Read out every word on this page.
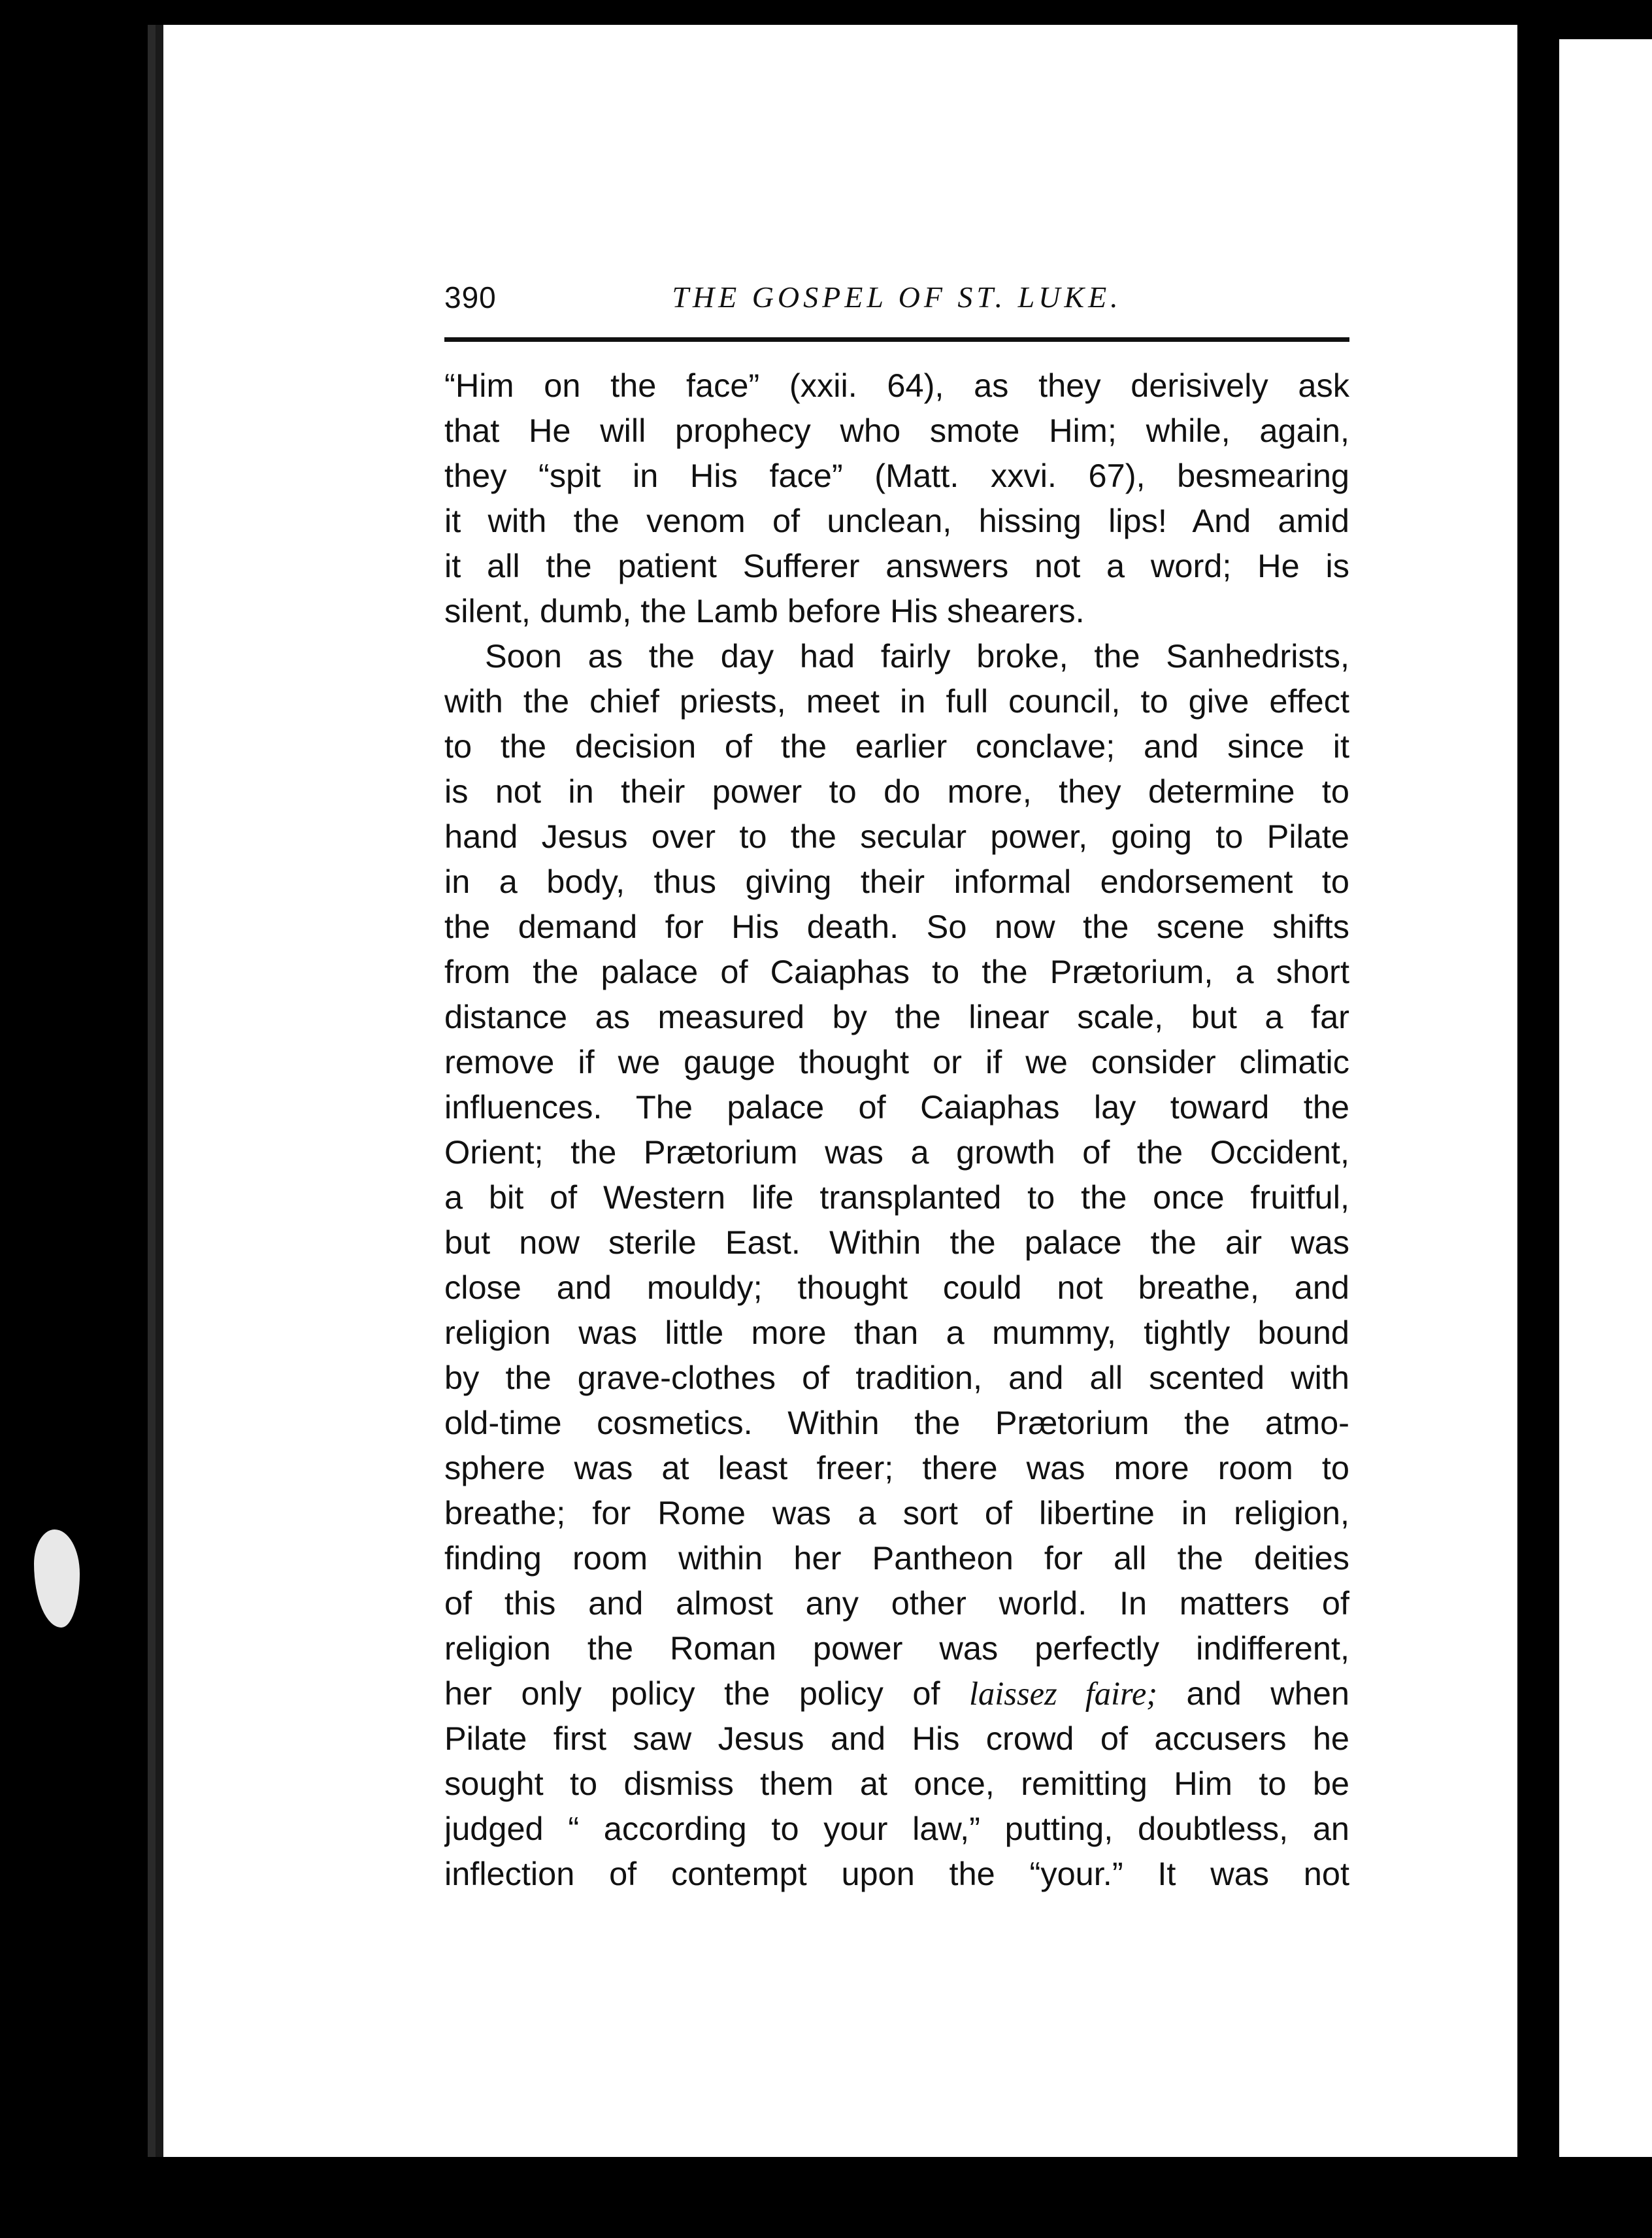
390	THE GOSPEL OF ST. LUKE.
“Him on the face” (xxii. 64), as they derisively ask
that He will prophecy who smote Him; while, again,
they “spit in His face” (Matt. xxvi. 67), besmearing
it with the venom of unclean, hissing lips! And amid
it all the patient Sufferer answers not a word; He is
silent, dumb, the Lamb before His shearers.
Soon as the day had fairly broke, the Sanhedrists,
with the chief priests, meet in full council, to give effect
to the decision of the earlier conclave; and since it
is not in their power to do more, they determine to
hand Jesus over to the secular power, going to Pilate
in a body, thus giving their informal endorsement to
the demand for His death. So now the scene shifts
from the palace of Caiaphas to the Prætorium, a short
distance as measured by the linear scale, but a far
remove if we gauge thought or if we consider climatic
influences. The palace of Caiaphas lay toward the
Orient; the Prætorium was a growth of the Occident,
a bit of Western life transplanted to the once fruitful,
but now sterile East. Within the palace the air was
close and mouldy; thought could not breathe, and
religion was little more than a mummy, tightly bound
by the grave-clothes of tradition, and all scented with
old-time cosmetics. Within the Prætorium the atmo-
sphere was at least freer; there was more room to
breathe; for Rome was a sort of libertine in religion,
finding room within her Pantheon for all the deities
of this and almost any other world. In matters of
religion the Roman power was perfectly indifferent,
her only policy the policy of laissez faire; and when
Pilate first saw Jesus and His crowd of accusers he
sought to dismiss them at once, remitting Him to be
judged “ according to your law,” putting, doubtless, an
inflection of contempt upon the “your.” It was not
